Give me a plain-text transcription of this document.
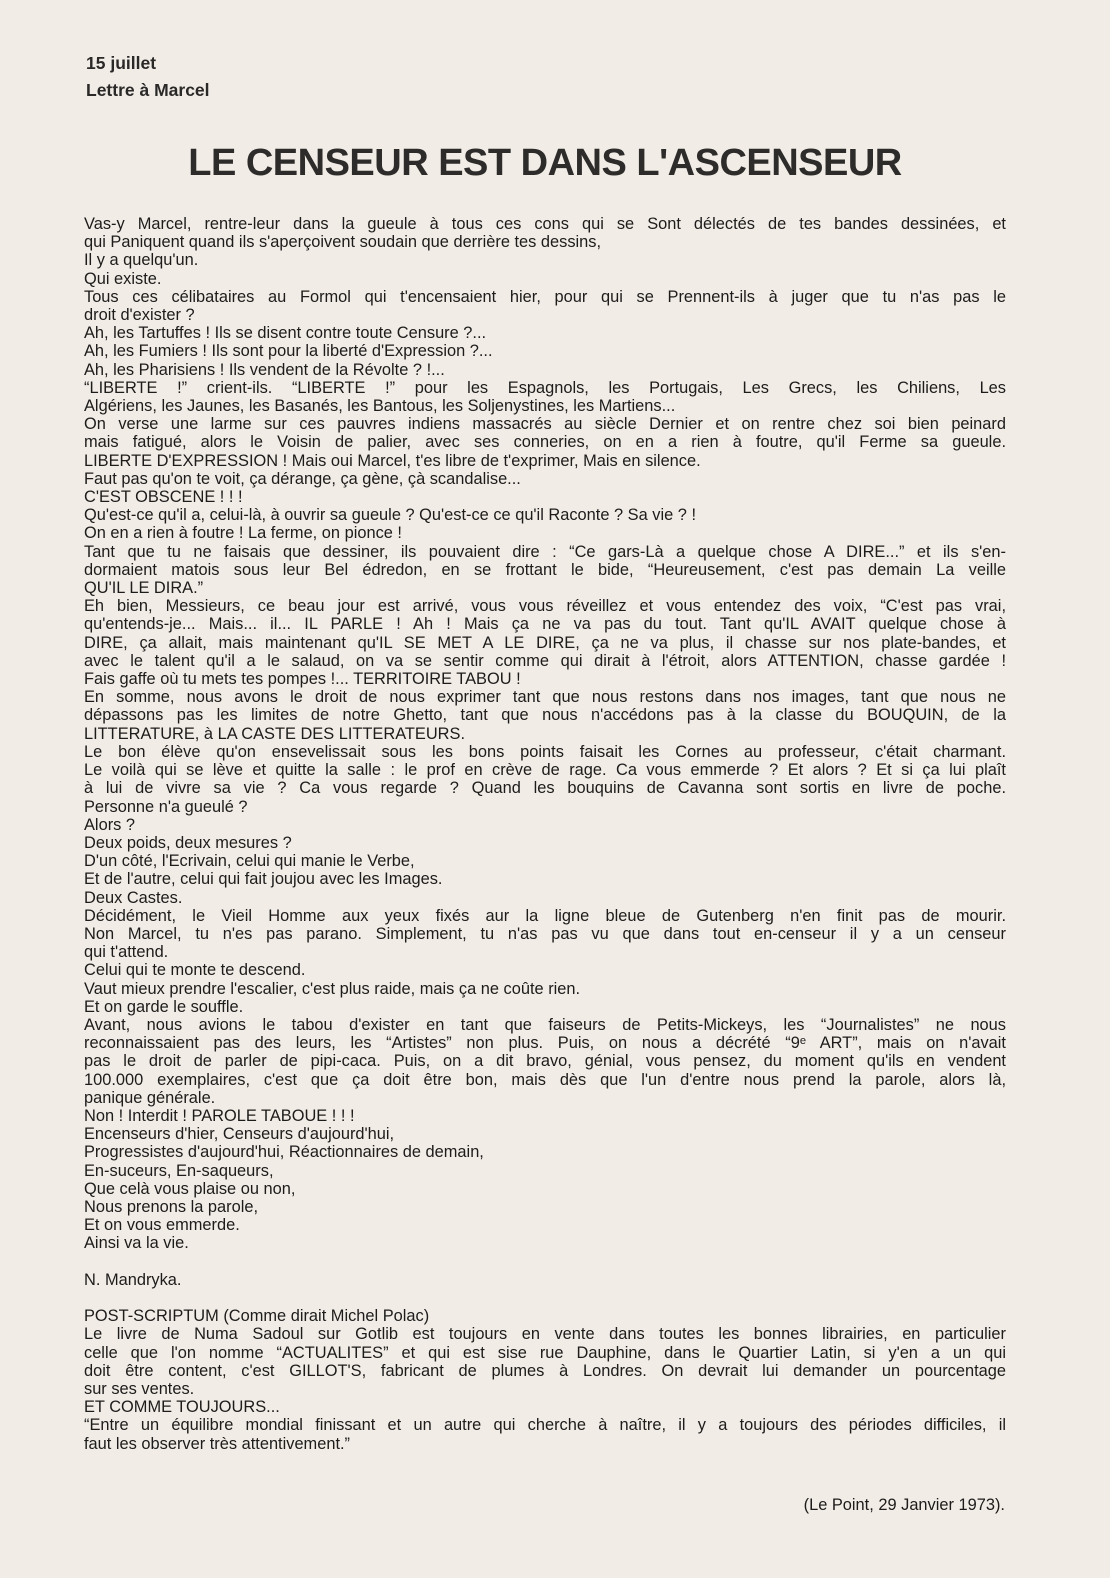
15 juillet
Lettre à Marcel
LE CENSEUR EST DANS L'ASCENSEUR
Vas-y Marcel, rentre-leur dans la gueule à tous ces cons qui se Sont délectés de tes bandes dessinées, et
qui Paniquent quand ils s'aperçoivent soudain que derrière tes dessins,
Il y a quelqu'un.
Qui existe.
Tous ces célibataires au Formol qui t'encensaient hier, pour qui se Prennent-ils à juger que tu n'as pas le
droit d'exister ?
Ah, les Tartuffes ! Ils se disent contre toute Censure ?...
Ah, les Fumiers ! Ils sont pour la liberté d'Expression ?...
Ah, les Pharisiens ! Ils vendent de la Révolte ? !...
“LIBERTE !” crient-ils. “LIBERTE !” pour les Espagnols, les Portugais, Les Grecs, les Chiliens, Les
Algériens, les Jaunes, les Basanés, les Bantous, les Soljenystines, les Martiens...
On verse une larme sur ces pauvres indiens massacrés au siècle Dernier et on rentre chez soi bien peinard
mais fatigué, alors le Voisin de palier, avec ses conneries, on en a rien à foutre, qu'il Ferme sa gueule.
LIBERTE D'EXPRESSION ! Mais oui Marcel, t'es libre de t'exprimer, Mais en silence.
Faut pas qu'on te voit, ça dérange, ça gène, çà scandalise...
C'EST OBSCENE ! ! !
Qu'est-ce qu'il a, celui-là, à ouvrir sa gueule ? Qu'est-ce ce qu'il Raconte ? Sa vie ? !
On en a rien à foutre ! La ferme, on pionce !
Tant que tu ne faisais que dessiner, ils pouvaient dire : “Ce gars-Là a quelque chose A DIRE...” et ils s'en-
dormaient matois sous leur Bel édredon, en se frottant le bide, “Heureusement, c'est pas demain La veille
QU'IL LE DIRA.”
Eh bien, Messieurs, ce beau jour est arrivé, vous vous réveillez et vous entendez des voix, “C'est pas vrai,
qu'entends-je... Mais... il... IL PARLE ! Ah ! Mais ça ne va pas du tout. Tant qu'IL AVAIT quelque chose à
DIRE, ça allait, mais maintenant qu'IL SE MET A LE DIRE, ça ne va plus, il chasse sur nos plate-bandes, et
avec le talent qu'il a le salaud, on va se sentir comme qui dirait à l'étroit, alors ATTENTION, chasse gardée !
Fais gaffe où tu mets tes pompes !... TERRITOIRE TABOU !
En somme, nous avons le droit de nous exprimer tant que nous restons dans nos images, tant que nous ne
dépassons pas les limites de notre Ghetto, tant que nous n'accédons pas à la classe du BOUQUIN, de la
LITTERATURE, à LA CASTE DES LITTERATEURS.
Le bon élève qu'on ensevelissait sous les bons points faisait les Cornes au professeur, c'était charmant.
Le voilà qui se lève et quitte la salle : le prof en crève de rage. Ca vous emmerde ? Et alors ? Et si ça lui plaît
à lui de vivre sa vie ? Ca vous regarde ? Quand les bouquins de Cavanna sont sortis en livre de poche.
Personne n'a gueulé ?
Alors ?
Deux poids, deux mesures ?
D'un côté, l'Ecrivain, celui qui manie le Verbe,
Et de l'autre, celui qui fait joujou avec les Images.
Deux Castes.
Décidément, le Vieil Homme aux yeux fixés aur la ligne bleue de Gutenberg n'en finit pas de mourir.
Non Marcel, tu n'es pas parano. Simplement, tu n'as pas vu que dans tout en-censeur il y a un censeur
qui t'attend.
Celui qui te monte te descend.
Vaut mieux prendre l'escalier, c'est plus raide, mais ça ne coûte rien.
Et on garde le souffle.
Avant, nous avions le tabou d'exister en tant que faiseurs de Petits-Mickeys, les “Journalistes” ne nous
reconnaissaient pas des leurs, les “Artistes” non plus. Puis, on nous a décrété “9ᵉ ART”, mais on n'avait
pas le droit de parler de pipi-caca. Puis, on a dit bravo, génial, vous pensez, du moment qu'ils en vendent
100.000 exemplaires, c'est que ça doit être bon, mais dès que l'un d'entre nous prend la parole, alors là,
panique générale.
Non ! Interdit ! PAROLE TABOUE ! ! !
Encenseurs d'hier, Censeurs d'aujourd'hui,
Progressistes d'aujourd'hui, Réactionnaires de demain,
En-suceurs, En-saqueurs,
Que celà vous plaise ou non,
Nous prenons la parole,
Et on vous emmerde.
Ainsi va la vie.
N. Mandryka.
POST-SCRIPTUM (Comme dirait Michel Polac)
Le livre de Numa Sadoul sur Gotlib est toujours en vente dans toutes les bonnes librairies, en particulier
celle que l'on nomme “ACTUALITES” et qui est sise rue Dauphine, dans le Quartier Latin, si y'en a un qui
doit être content, c'est GILLOT'S, fabricant de plumes à Londres. On devrait lui demander un pourcentage
sur ses ventes.
ET COMME TOUJOURS...
“Entre un équilibre mondial finissant et un autre qui cherche à naître, il y a toujours des périodes difficiles, il
faut les observer très attentivement.”
(Le Point, 29 Janvier 1973).
